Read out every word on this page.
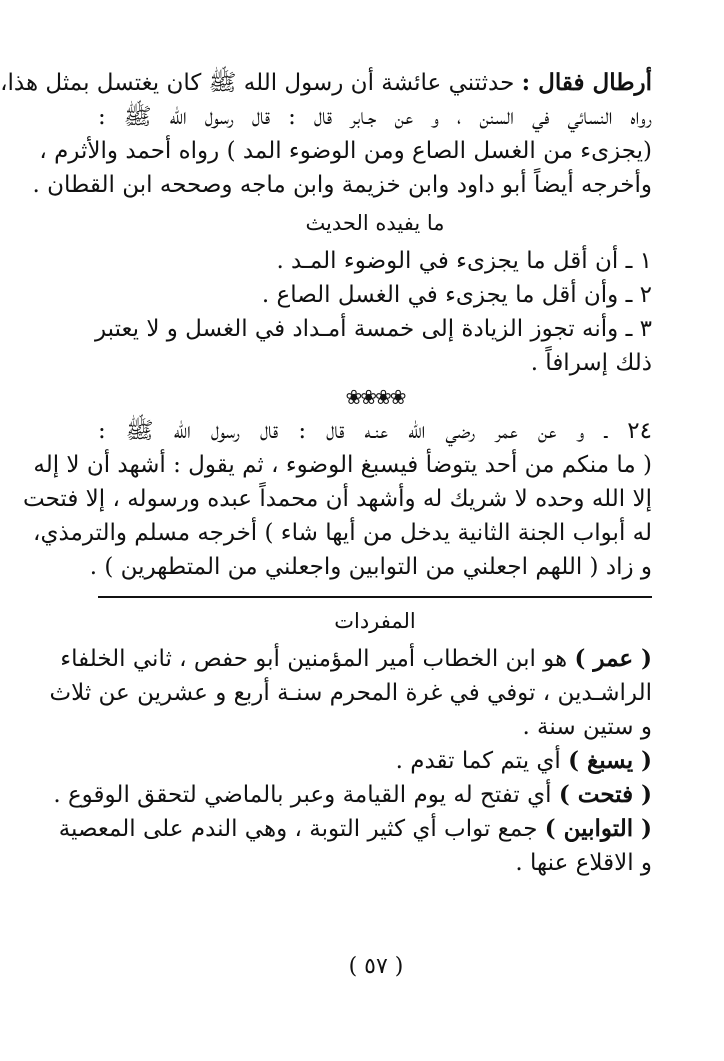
أرطال فقال : حدثتني عائشة أن رسول الله ﷺ كان يغتسل بمثل هذا،
رواه النسائي في السنن ، و عن جـابر قال : قال رسول الله ﷺ :
(يجزىء من الغسل الصاع ومن الوضوء المد ) رواه أحمد والأثرم ،
وأخرجه أيضاً أبو داود وابن خزيمة وابن ماجه وصححه ابن القطان .
ما يفيده الحديث
١ ـ أن أقل ما يجزىء في الوضوء المـد .
٢ ـ وأن أقل ما يجزىء في الغسل الصاع .
٣ ـ وأنه تجوز الزيادة إلى خمسة أمـداد في الغسل و لا يعتبر
ذلك إسرافاً .
❀❀❀❀
٢٤ ـ و عن عمر رضي الله عنـه قال : قال رسول الله ﷺ :
( ما منكم من أحد يتوضأ فيسبغ الوضوء ، ثم يقول : أشهد أن لا إله
إلا الله وحده لا شريك له وأشهد أن محمداً عبده ورسوله ، إلا فتحت
له أبواب الجنة الثانية يدخل من أيها شاء ) أخرجه مسلم والترمذي،
و زاد ( اللهم اجعلني من التوابين واجعلني من المتطهرين ) .
المفردات
( عمر ) هو ابن الخطاب أمير المؤمنين أبو حفص ، ثاني الخلفاء
الراشـدين ، توفي في غرة المحرم سنـة أربع و عشرين عن ثلاث
و ستين سنة .
( يسبغ ) أي يتم كما تقدم .
( فتحت ) أي تفتح له يوم القيامة وعبر بالماضي لتحقق الوقوع .
( التوابين ) جمع تواب أي كثير التوبة ، وهي الندم على المعصية
و الاقلاع عنها .
( ٥٧ )
